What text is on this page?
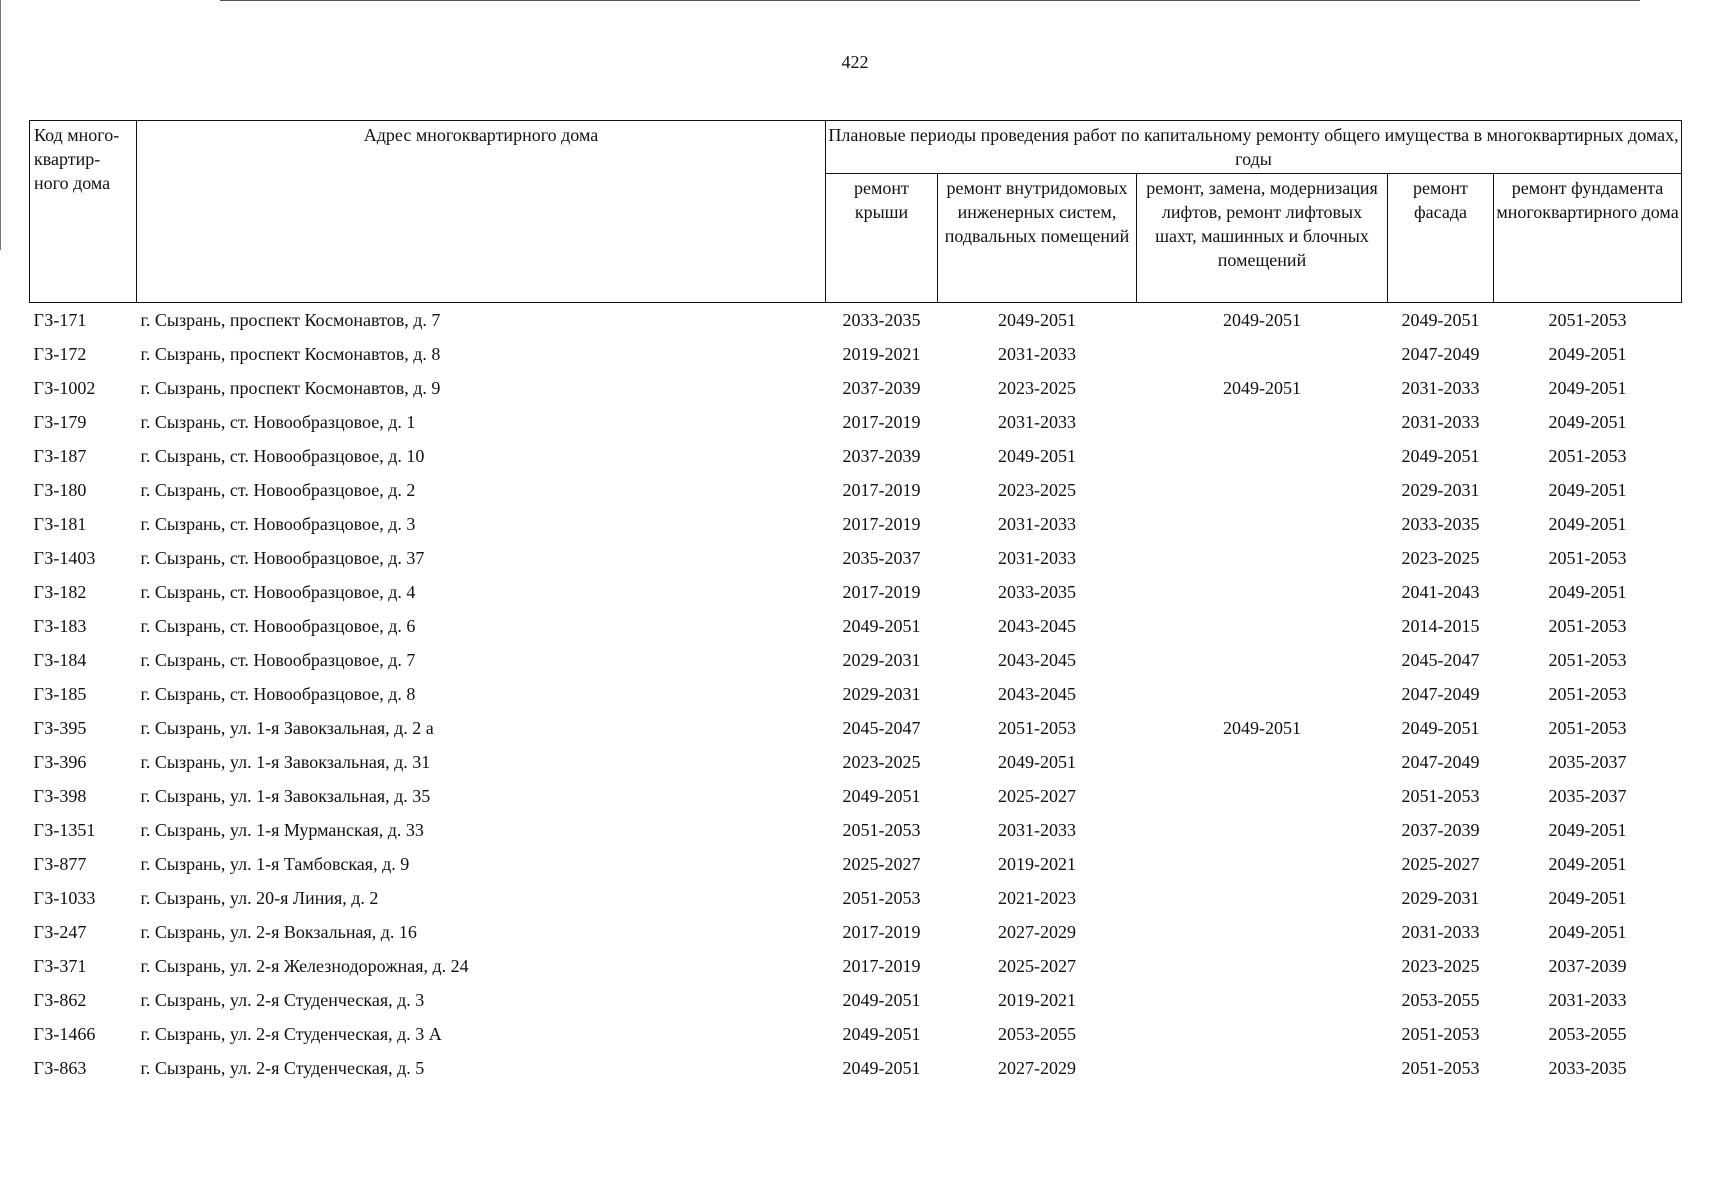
422
Код много-квартир-ного дома	Адрес многоквартирного дома	Плановые периоды проведения работ по капитальному ремонту общего имущества в многоквартирных домах, годы				
		ремонт крыши	ремонт внутридомовых инженерных систем, подвальных помещений	ремонт, замена, модернизация лифтов, ремонт лифтовых шахт, машинных и блочных помещений	ремонт фасада	ремонт фундамента многоквартирного дома
ГЗ-171	г. Сызрань, проспект Космонавтов, д. 7	2033-2035	2049-2051	2049-2051	2049-2051	2051-2053
ГЗ-172	г. Сызрань, проспект Космонавтов, д. 8	2019-2021	2031-2033		2047-2049	2049-2051
ГЗ-1002	г. Сызрань, проспект Космонавтов, д. 9	2037-2039	2023-2025	2049-2051	2031-2033	2049-2051
ГЗ-179	г. Сызрань, ст. Новообразцовое, д. 1	2017-2019	2031-2033		2031-2033	2049-2051
ГЗ-187	г. Сызрань, ст. Новообразцовое, д. 10	2037-2039	2049-2051		2049-2051	2051-2053
ГЗ-180	г. Сызрань, ст. Новообразцовое, д. 2	2017-2019	2023-2025		2029-2031	2049-2051
ГЗ-181	г. Сызрань, ст. Новообразцовое, д. 3	2017-2019	2031-2033		2033-2035	2049-2051
ГЗ-1403	г. Сызрань, ст. Новообразцовое, д. 37	2035-2037	2031-2033		2023-2025	2051-2053
ГЗ-182	г. Сызрань, ст. Новообразцовое, д. 4	2017-2019	2033-2035		2041-2043	2049-2051
ГЗ-183	г. Сызрань, ст. Новообразцовое, д. 6	2049-2051	2043-2045		2014-2015	2051-2053
ГЗ-184	г. Сызрань, ст. Новообразцовое, д. 7	2029-2031	2043-2045		2045-2047	2051-2053
ГЗ-185	г. Сызрань, ст. Новообразцовое, д. 8	2029-2031	2043-2045		2047-2049	2051-2053
ГЗ-395	г. Сызрань, ул. 1-я Завокзальная, д. 2 а	2045-2047	2051-2053	2049-2051	2049-2051	2051-2053
ГЗ-396	г. Сызрань, ул. 1-я Завокзальная, д. 31	2023-2025	2049-2051		2047-2049	2035-2037
ГЗ-398	г. Сызрань, ул. 1-я Завокзальная, д. 35	2049-2051	2025-2027		2051-2053	2035-2037
ГЗ-1351	г. Сызрань, ул. 1-я Мурманская, д. 33	2051-2053	2031-2033		2037-2039	2049-2051
ГЗ-877	г. Сызрань, ул. 1-я Тамбовская, д. 9	2025-2027	2019-2021		2025-2027	2049-2051
ГЗ-1033	г. Сызрань, ул. 20-я Линия, д. 2	2051-2053	2021-2023		2029-2031	2049-2051
ГЗ-247	г. Сызрань, ул. 2-я Вокзальная, д. 16	2017-2019	2027-2029		2031-2033	2049-2051
ГЗ-371	г. Сызрань, ул. 2-я Железнодорожная, д. 24	2017-2019	2025-2027		2023-2025	2037-2039
ГЗ-862	г. Сызрань, ул. 2-я Студенческая, д. 3	2049-2051	2019-2021		2053-2055	2031-2033
ГЗ-1466	г. Сызрань, ул. 2-я Студенческая, д. 3 А	2049-2051	2053-2055		2051-2053	2053-2055
ГЗ-863	г. Сызрань, ул. 2-я Студенческая, д. 5	2049-2051	2027-2029		2051-2053	2033-2035
